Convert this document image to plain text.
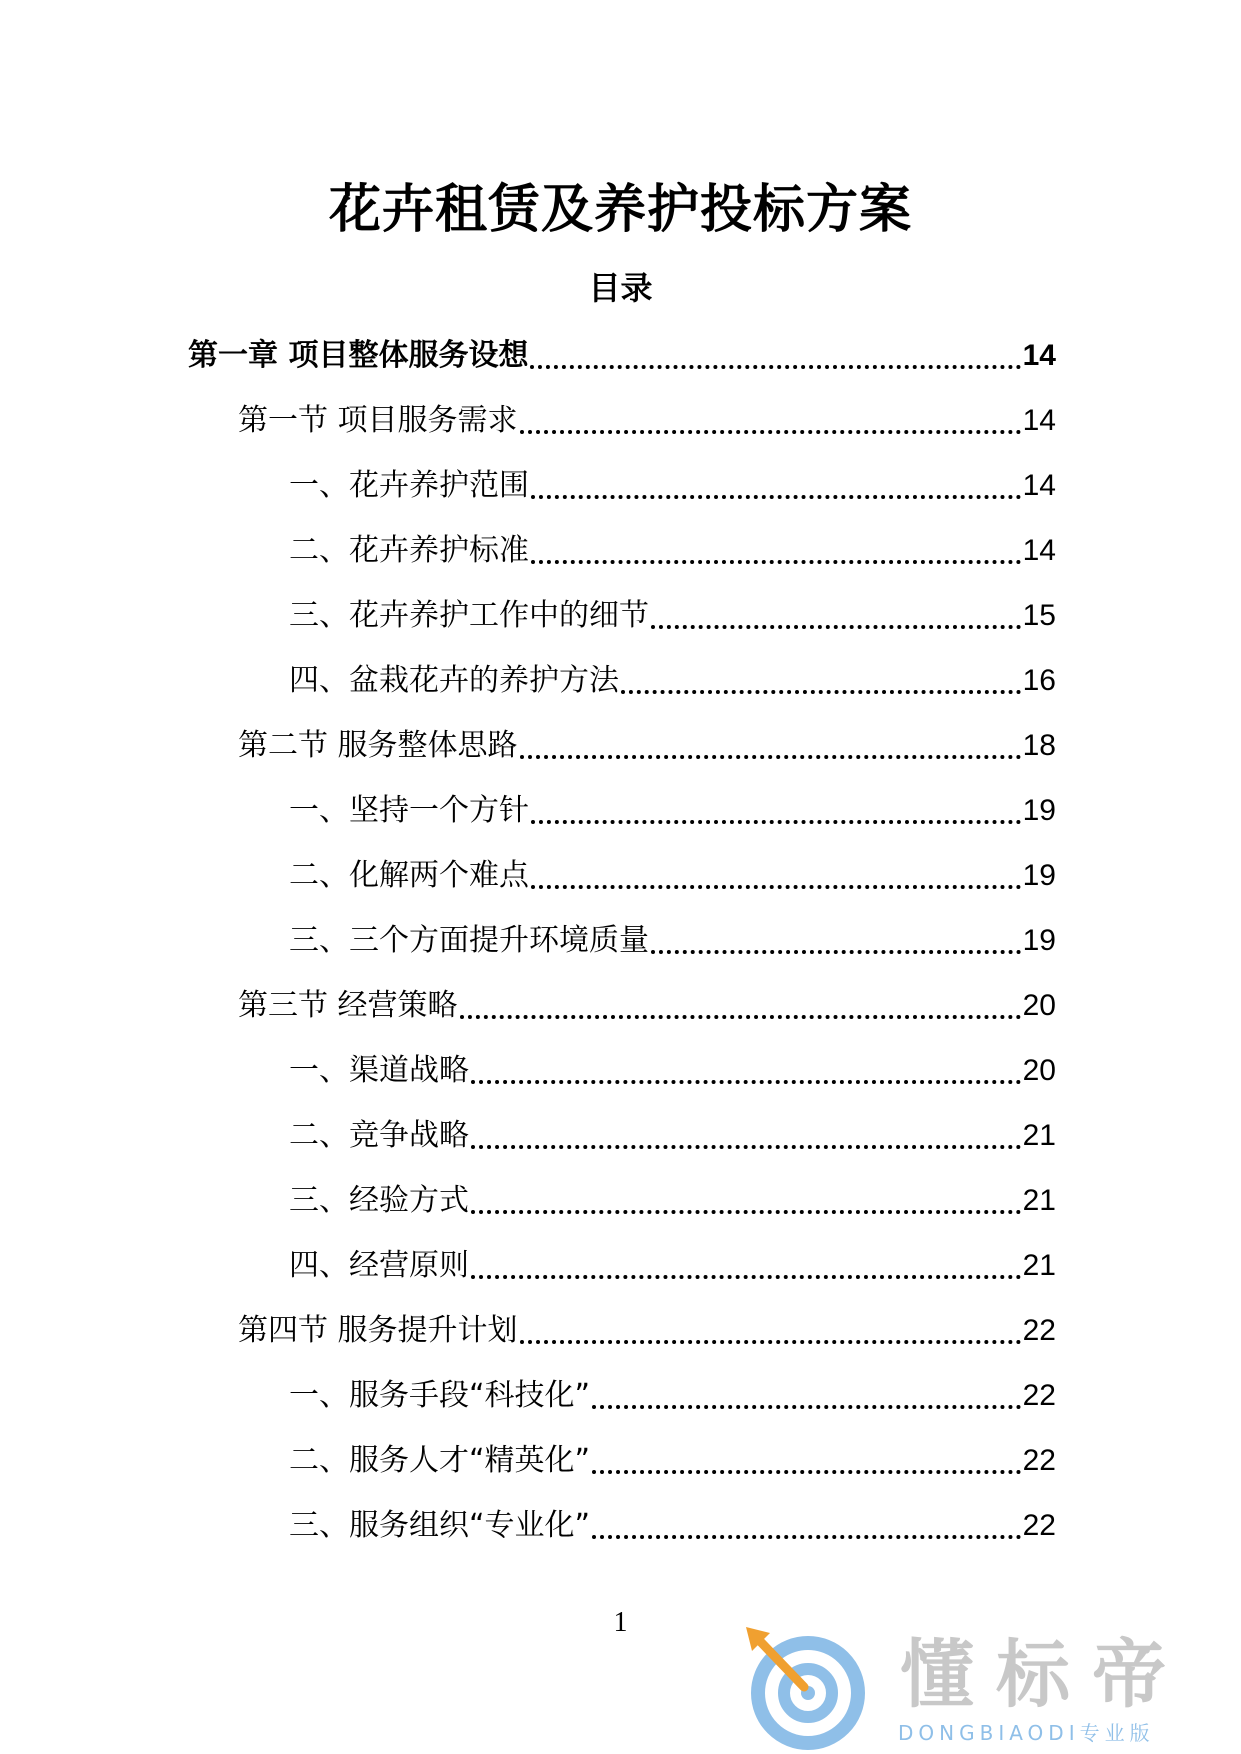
花卉租赁及养护投标方案
目录
第一章 项目整体服务设想	14
第一节 项目服务需求	14
一、花卉养护范围	14
二、花卉养护标准	14
三、花卉养护工作中的细节	15
四、盆栽花卉的养护方法	16
第二节 服务整体思路	18
一、坚持一个方针	19
二、化解两个难点	19
三、三个方面提升环境质量	19
第三节 经营策略	20
一、渠道战略	20
二、竞争战略	21
三、经验方式	21
四、经营原则	21
第四节 服务提升计划	22
一、服务手段“科技化”	22
二、服务人才“精英化”	22
三、服务组织“专业化”	22
1
懂标帝
DONGBIAODI专业版
